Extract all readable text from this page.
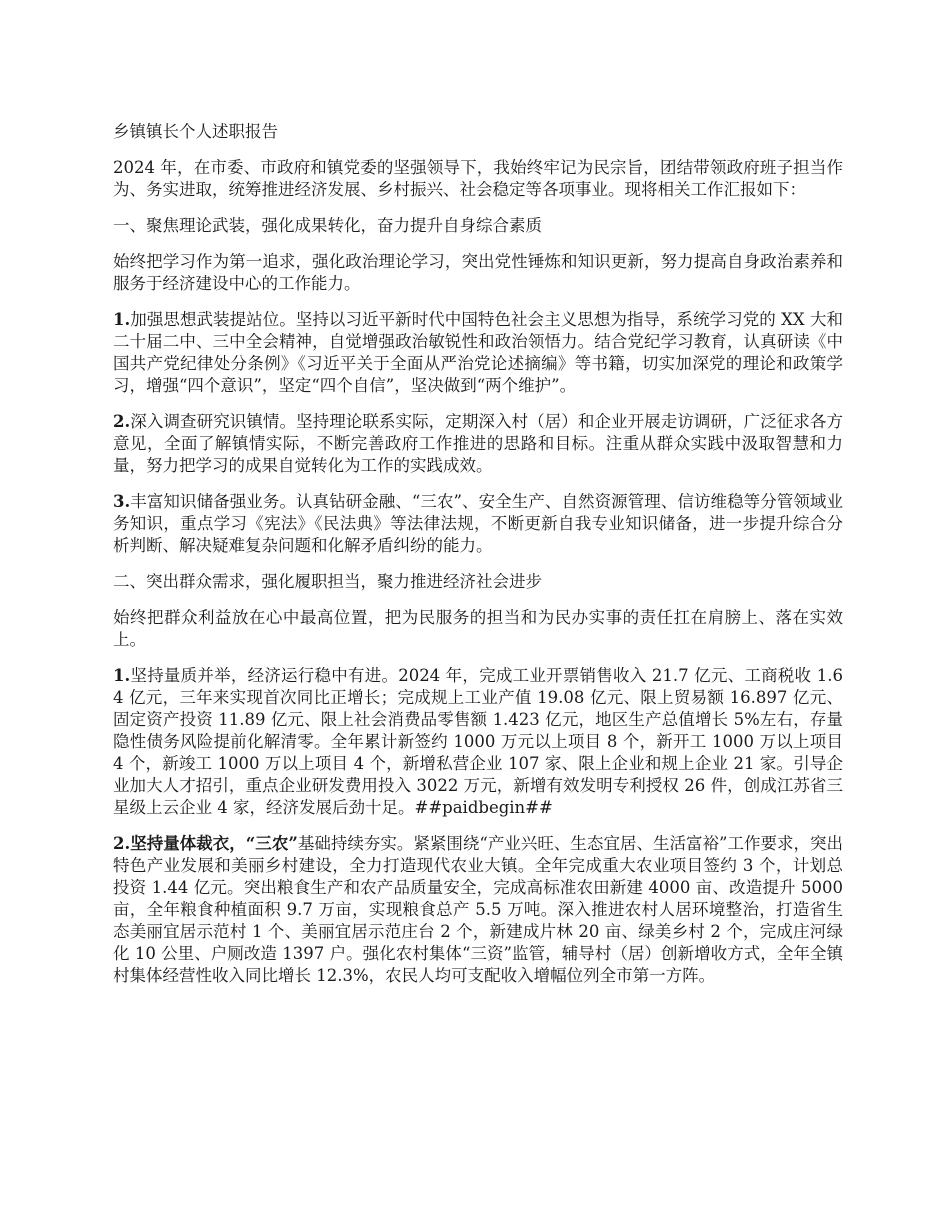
乡镇镇长个人述职报告

2024 年，在市委、市政府和镇党委的坚强领导下，我始终牢记为民宗旨，团结带领政府班子担当作为、务实进取，统筹推进经济发展、乡村振兴、社会稳定等各项事业。现将相关工作汇报如下：

一、聚焦理论武装，强化成果转化，奋力提升自身综合素质

始终把学习作为第一追求，强化政治理论学习，突出党性锤炼和知识更新，努力提高自身政治素养和服务于经济建设中心的工作能力。

1.加强思想武装提站位。坚持以习近平新时代中国特色社会主义思想为指导，系统学习党的 XX 大和二十届二中、三中全会精神，自觉增强政治敏锐性和政治领悟力。结合党纪学习教育，认真研读《中国共产党纪律处分条例》《习近平关于全面从严治党论述摘编》等书籍，切实加深党的理论和政策学习，增强“四个意识”，坚定“四个自信”，坚决做到“两个维护”。

2.深入调查研究识镇情。坚持理论联系实际，定期深入村（居）和企业开展走访调研，广泛征求各方意见，全面了解镇情实际，不断完善政府工作推进的思路和目标。注重从群众实践中汲取智慧和力量，努力把学习的成果自觉转化为工作的实践成效。

3.丰富知识储备强业务。认真钻研金融、“三农”、安全生产、自然资源管理、信访维稳等分管领域业务知识，重点学习《宪法》《民法典》等法律法规，不断更新自我专业知识储备，进一步提升综合分析判断、解决疑难复杂问题和化解矛盾纠纷的能力。

二、突出群众需求，强化履职担当，聚力推进经济社会进步

始终把群众利益放在心中最高位置，把为民服务的担当和为民办实事的责任扛在肩膀上、落在实效上。

1.坚持量质并举，经济运行稳中有进。2024 年，完成工业开票销售收入 21.7 亿元、工商税收 1.64 亿元，三年来实现首次同比正增长；完成规上工业产值 19.08 亿元、限上贸易额 16.897 亿元、固定资产投资 11.89 亿元、限上社会消费品零售额 1.423 亿元，地区生产总值增长 5%左右，存量隐性债务风险提前化解清零。全年累计新签约 1000 万元以上项目 8 个，新开工 1000 万以上项目 4 个，新竣工 1000 万以上项目 4 个，新增私营企业 107 家、限上企业和规上企业 21 家。引导企业加大人才招引，重点企业研发费用投入 3022 万元，新增有效发明专利授权 26 件，创成江苏省三星级上云企业 4 家，经济发展后劲十足。##paidbegin##

2.坚持量体裁衣，“三农”基础持续夯实。紧紧围绕“产业兴旺、生态宜居、生活富裕”工作要求，突出特色产业发展和美丽乡村建设，全力打造现代农业大镇。全年完成重大农业项目签约 3 个，计划总投资 1.44 亿元。突出粮食生产和农产品质量安全，完成高标准农田新建 4000 亩、改造提升 5000 亩，全年粮食种植面积 9.7 万亩，实现粮食总产 5.5 万吨。深入推进农村人居环境整治，打造省生态美丽宜居示范村 1 个、美丽宜居示范庄台 2 个，新建成片林 20 亩、绿美乡村 2 个，完成庄河绿化 10 公里、户厕改造 1397 户。强化农村集体“三资”监管，辅导村（居）创新增收方式，全年全镇村集体经营性收入同比增长 12.3%，农民人均可支配收入增幅位列全市第一方阵。
